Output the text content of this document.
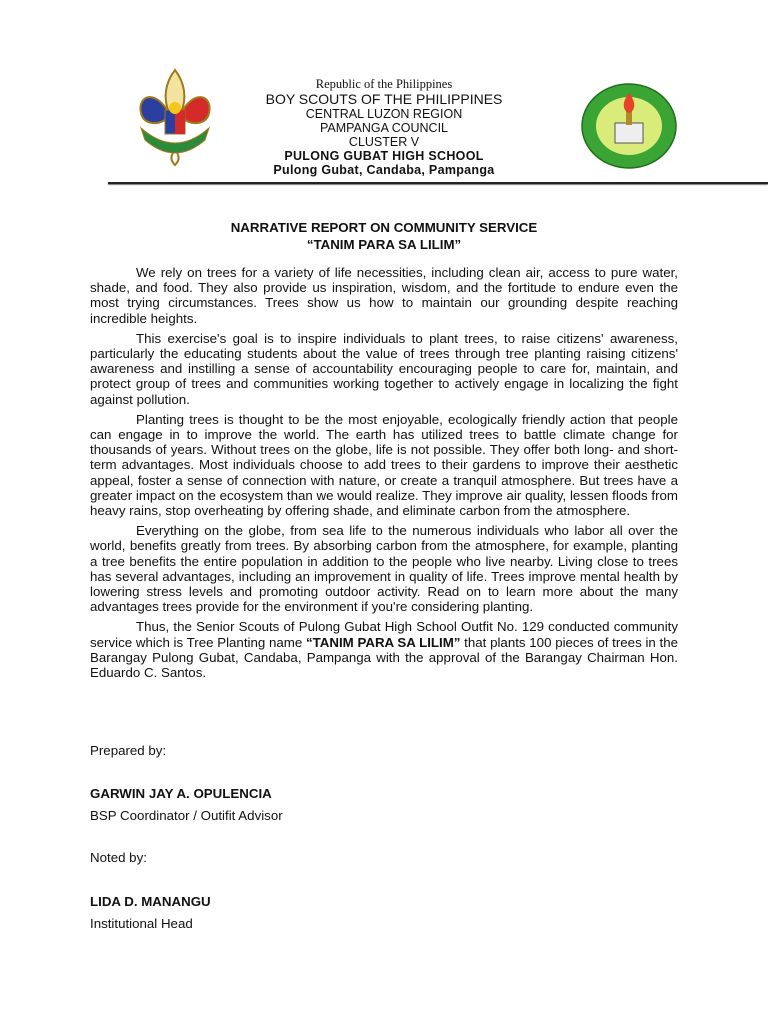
Republic of the Philippines
BOY SCOUTS OF THE PHILIPPINES
CENTRAL LUZON REGION
PAMPANGA COUNCIL
CLUSTER V
PULONG GUBAT HIGH SCHOOL
Pulong Gubat, Candaba, Pampanga
NARRATIVE REPORT ON COMMUNITY SERVICE
“TANIM PARA SA LILIM”

We rely on trees for a variety of life necessities, including clean air, access to pure water, shade, and food. They also provide us inspiration, wisdom, and the fortitude to endure even the most trying circumstances. Trees show us how to maintain our grounding despite reaching incredible heights.

This exercise's goal is to inspire individuals to plant trees, to raise citizens' awareness, particularly the educating students about the value of trees through tree planting raising citizens' awareness and instilling a sense of accountability encouraging people to care for, maintain, and protect group of trees and communities working together to actively engage in localizing the fight against pollution.

Planting trees is thought to be the most enjoyable, ecologically friendly action that people can engage in to improve the world. The earth has utilized trees to battle climate change for thousands of years. Without trees on the globe, life is not possible. They offer both long- and short-term advantages. Most individuals choose to add trees to their gardens to improve their aesthetic appeal, foster a sense of connection with nature, or create a tranquil atmosphere. But trees have a greater impact on the ecosystem than we would realize. They improve air quality, lessen floods from heavy rains, stop overheating by offering shade, and eliminate carbon from the atmosphere.

Everything on the globe, from sea life to the numerous individuals who labor all over the world, benefits greatly from trees. By absorbing carbon from the atmosphere, for example, planting a tree benefits the entire population in addition to the people who live nearby. Living close to trees has several advantages, including an improvement in quality of life. Trees improve mental health by lowering stress levels and promoting outdoor activity. Read on to learn more about the many advantages trees provide for the environment if you're considering planting.

Thus, the Senior Scouts of Pulong Gubat High School Outfit No. 129 conducted community service which is Tree Planting name “TANIM PARA SA LILIM” that plants 100 pieces of trees in the Barangay Pulong Gubat, Candaba, Pampanga with the approval of the Barangay Chairman Hon. Eduardo C. Santos.

Prepared by:
GARWIN JAY A. OPULENCIA
BSP Coordinator / Outifit Advisor
Noted by:
LIDA D. MANANGU
Institutional Head
